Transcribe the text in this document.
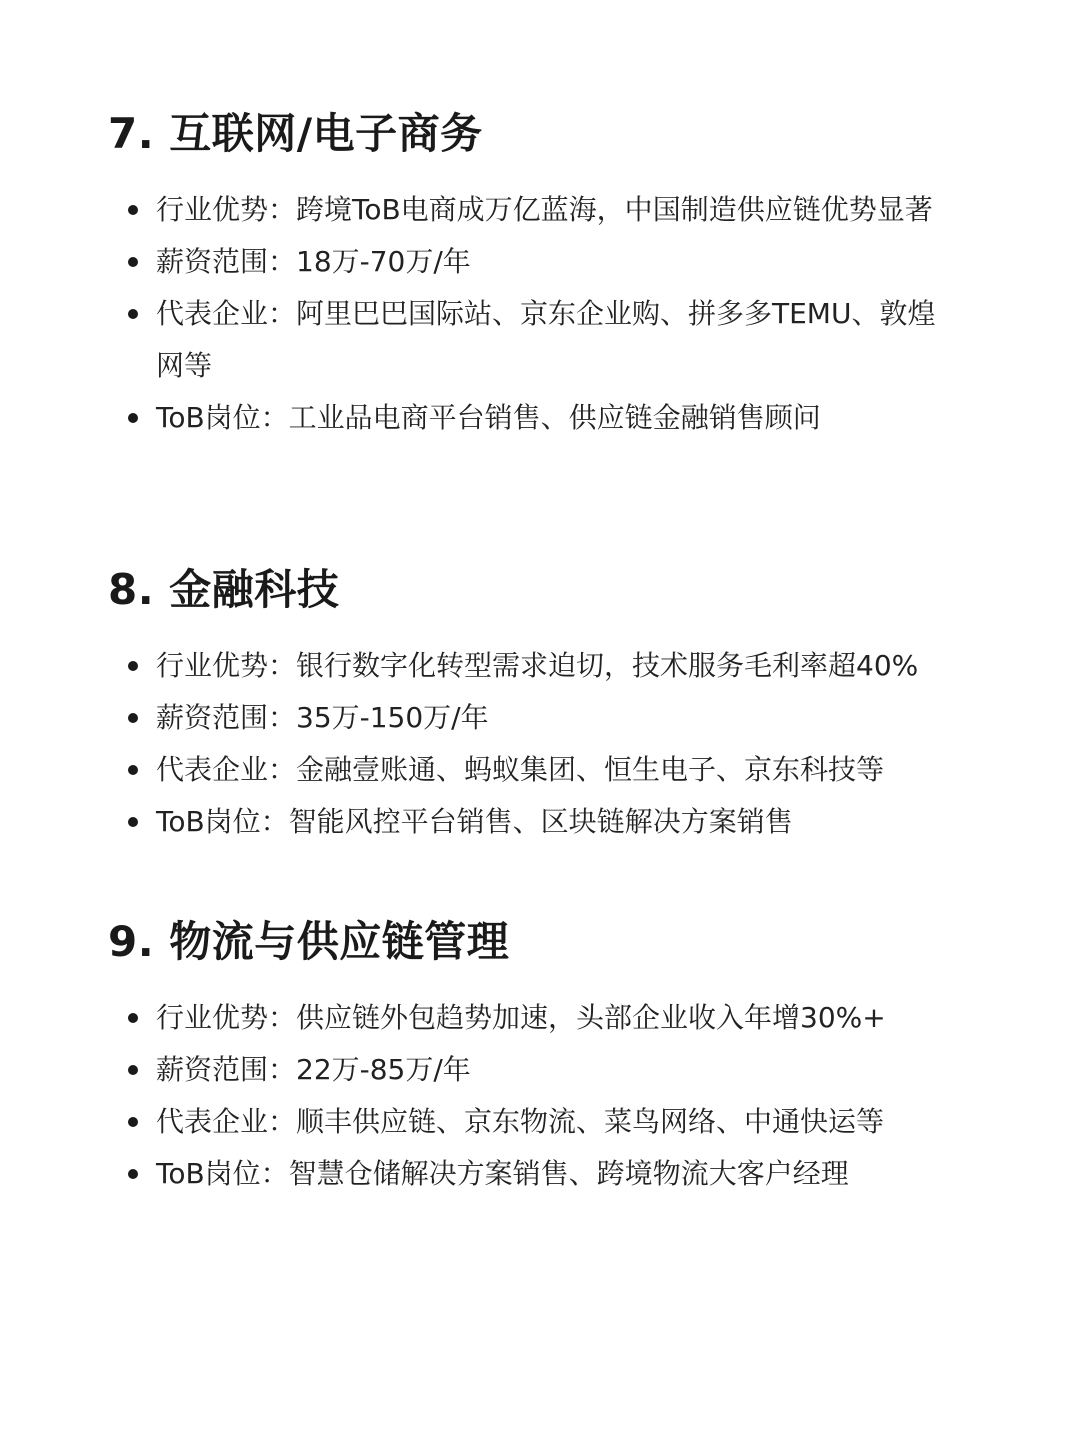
7. 互联网/电子商务
行业优势：跨境ToB电商成万亿蓝海，中国制造供应链优势显著
薪资范围：18万-70万/年
代表企业：阿里巴巴国际站、京东企业购、拼多多TEMU、敦煌网等
ToB岗位：工业品电商平台销售、供应链金融销售顾问
8. 金融科技
行业优势：银行数字化转型需求迫切，技术服务毛利率超40%
薪资范围：35万-150万/年
代表企业：金融壹账通、蚂蚁集团、恒生电子、京东科技等
ToB岗位：智能风控平台销售、区块链解决方案销售
9. 物流与供应链管理
行业优势：供应链外包趋势加速，头部企业收入年增30%+
薪资范围：22万-85万/年
代表企业：顺丰供应链、京东物流、菜鸟网络、中通快运等
ToB岗位：智慧仓储解决方案销售、跨境物流大客户经理
